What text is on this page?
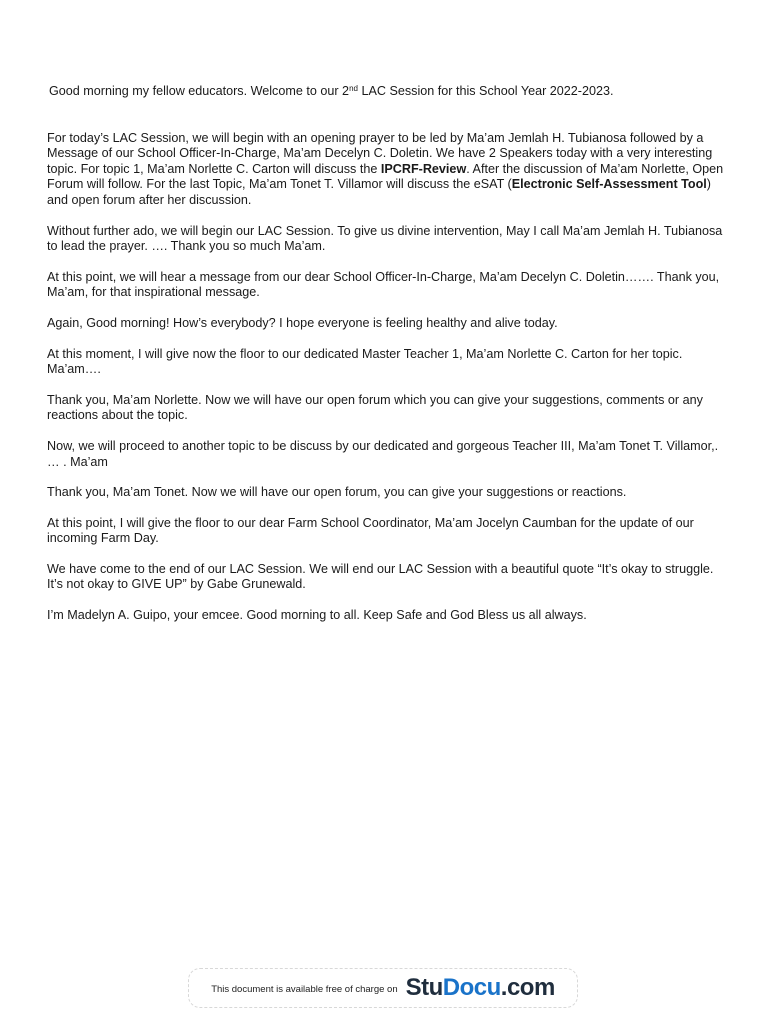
Good morning my fellow educators. Welcome to our 2nd LAC Session for this School Year 2022-2023.

For today’s LAC Session, we will begin with an opening prayer to be led by Ma’am Jemlah H. Tubianosa followed by a Message of our School Officer-In-Charge, Ma’am Decelyn C. Doletin. We have 2 Speakers today with a very interesting topic. For topic 1, Ma’am Norlette C. Carton will discuss the IPCRF-Review. After the discussion of Ma’am Norlette, Open Forum will follow. For the last Topic, Ma’am Tonet T. Villamor will discuss the eSAT (Electronic Self-Assessment Tool) and open forum after her discussion.

Without further ado, we will begin our LAC Session. To give us divine intervention, May I call Ma’am Jemlah H. Tubianosa to lead the prayer. …. Thank you so much Ma’am.

At this point, we will hear a message from our dear School Officer-In-Charge, Ma’am Decelyn C. Doletin……. Thank you, Ma’am, for that inspirational message.

Again, Good morning! How’s everybody? I hope everyone is feeling healthy and alive today.

At this moment, I will give now the floor to our dedicated Master Teacher 1, Ma’am Norlette C. Carton for her topic. Ma’am….

Thank you, Ma’am Norlette. Now we will have our open forum which you can give your suggestions, comments or any reactions about the topic.

Now, we will proceed to another topic to be discuss by our dedicated and gorgeous Teacher III, Ma’am Tonet T. Villamor,. … . Ma’am

Thank you, Ma’am Tonet. Now we will have our open forum, you can give your suggestions or reactions.

At this point, I will give the floor to our dear Farm School Coordinator, Ma’am Jocelyn Caumban for the update of our incoming Farm Day.

We have come to the end of our LAC Session. We will end our LAC Session with a beautiful quote “It’s okay to struggle. It’s not okay to GIVE UP” by Gabe Grunewald.

I’m Madelyn A. Guipo, your emcee. Good morning to all. Keep Safe and God Bless us all always.

This document is available free of charge on Stu Docu .com
